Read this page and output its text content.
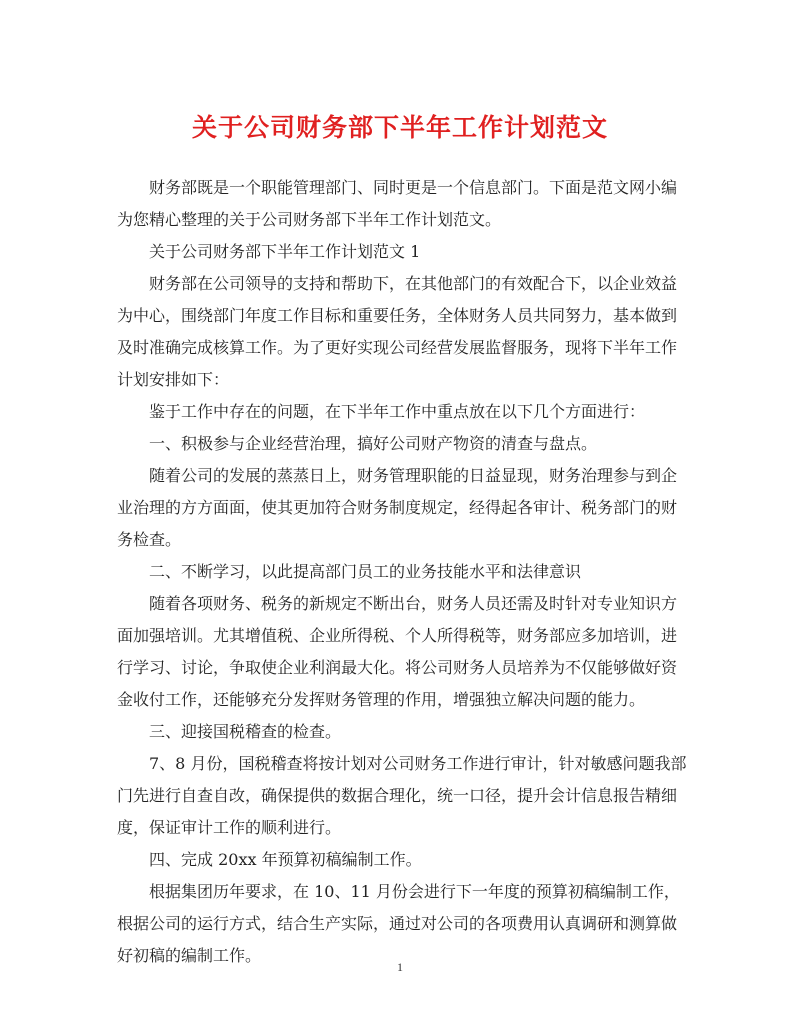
关于公司财务部下半年工作计划范文

财务部既是一个职能管理部门、同时更是一个信息部门。下面是范文网小编为您精心整理的关于公司财务部下半年工作计划范文。

关于公司财务部下半年工作计划范文 1

财务部在公司领导的支持和帮助下，在其他部门的有效配合下，以企业效益为中心，围绕部门年度工作目标和重要任务，全体财务人员共同努力，基本做到及时准确完成核算工作。为了更好实现公司经营发展监督服务，现将下半年工作计划安排如下：

鉴于工作中存在的问题，在下半年工作中重点放在以下几个方面进行：

一、积极参与企业经营治理，搞好公司财产物资的清查与盘点。

随着公司的发展的蒸蒸日上，财务管理职能的日益显现，财务治理参与到企业治理的方方面面，使其更加符合财务制度规定，经得起各审计、税务部门的财务检查。

二、不断学习，以此提高部门员工的业务技能水平和法律意识

随着各项财务、税务的新规定不断出台，财务人员还需及时针对专业知识方面加强培训。尤其增值税、企业所得税、个人所得税等，财务部应多加培训，进行学习、讨论，争取使企业利润最大化。将公司财务人员培养为不仅能够做好资金收付工作，还能够充分发挥财务管理的作用，增强独立解决问题的能力。

三、迎接国税稽查的检查。

7、8 月份，国税稽查将按计划对公司财务工作进行审计，针对敏感问题我部门先进行自查自改，确保提供的数据合理化，统一口径，提升会计信息报告精细度，保证审计工作的顺利进行。

四、完成 20xx 年预算初稿编制工作。

根据集团历年要求，在 10、11 月份会进行下一年度的预算初稿编制工作，根据公司的运行方式，结合生产实际，通过对公司的各项费用认真调研和测算做好初稿的编制工作。

1
